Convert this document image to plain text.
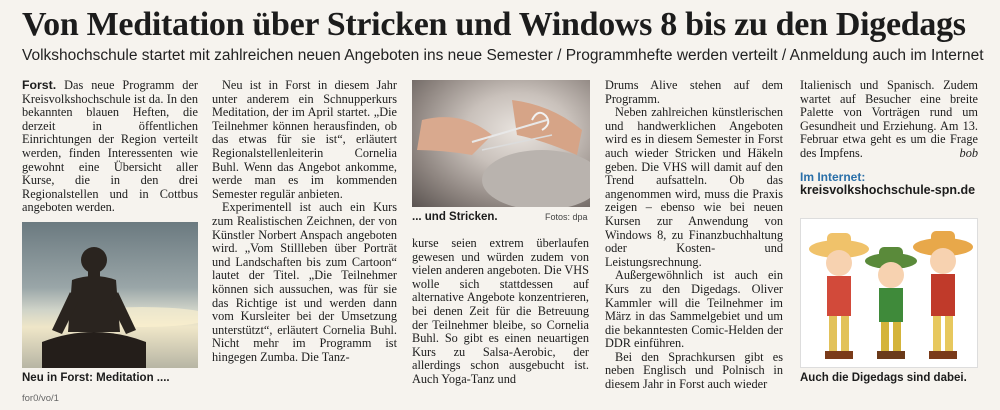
Von Meditation über Stricken und Windows 8 bis zu den Digedags
Volkshochschule startet mit zahlreichen neuen Angeboten ins neue Semester / Programmhefte werden verteilt / Anmeldung auch im Internet

Forst. Das neue Programm der Kreisvolkshochschule ist da. In den bekannten blauen Heften, die derzeit in öffentlichen Einrichtungen der Region verteilt werden, finden Interessenten wie gewohnt eine Übersicht aller Kurse, die in den drei Regionalstellen und in Cottbus angeboten werden.

Neu in Forst: Meditation ....

Neu ist in Forst in diesem Jahr unter anderem ein Schnupperkurs Meditation, der im April startet. „Die Teilnehmer können herausfinden, ob das etwas für sie ist“, erläutert Regionalstellenleiterin Cornelia Buhl. Wenn das Angebot ankomme, werde man es im kommenden Semester regulär anbieten.

Experimentell ist auch ein Kurs zum Realistischen Zeichnen, der von Künstler Norbert Anspach angeboten wird. „Vom Stillleben über Porträt und Landschaften bis zum Cartoon“ lautet der Titel. „Die Teilnehmer können sich aussuchen, was für sie das Richtige ist und werden dann vom Kursleiter bei der Umsetzung unterstützt“, erläutert Cornelia Buhl. Nicht mehr im Programm ist hingegen Zumba. Die Tanz-

... und Stricken.	Fotos: dpa

kurse seien extrem überlaufen gewesen und würden zudem von vielen anderen angeboten. Die VHS wolle sich stattdessen auf alternative Angebote konzentrieren, bei denen Zeit für die Betreuung der Teilnehmer bleibe, so Cornelia Buhl. So gibt es einen neuartigen Kurs zu Salsa-Aerobic, der allerdings schon ausgebucht ist. Auch Yoga-Tanz und

Drums Alive stehen auf dem Programm.

Neben zahlreichen künstlerischen und handwerklichen Angeboten wird es in diesem Semester in Forst auch wieder Stricken und Häkeln geben. Die VHS will damit auf den Trend aufsatteln. Ob das angenommen wird, muss die Praxis zeigen – ebenso wie bei neuen Kursen zur Anwendung von Windows 8, zu Finanzbuchhaltung oder Kosten- und Leistungsrechnung.

Außergewöhnlich ist auch ein Kurs zu den Digedags. Oliver Kammler will die Teilnehmer im März in das Sammelgebiet und um die bekanntesten Comic-Helden der DDR einführen.

Bei den Sprachkursen gibt es neben Englisch und Polnisch in diesem Jahr in Forst auch wieder

Italienisch und Spanisch. Zudem wartet auf Besucher eine breite Palette von Vorträgen rund um Gesundheit und Erziehung. Am 13. Februar etwa geht es um die Frage des Impfens.	bob

Im Internet:
kreisvolkshochschule-spn.de
Auch die Digedags sind dabei.
for0/vo/1
